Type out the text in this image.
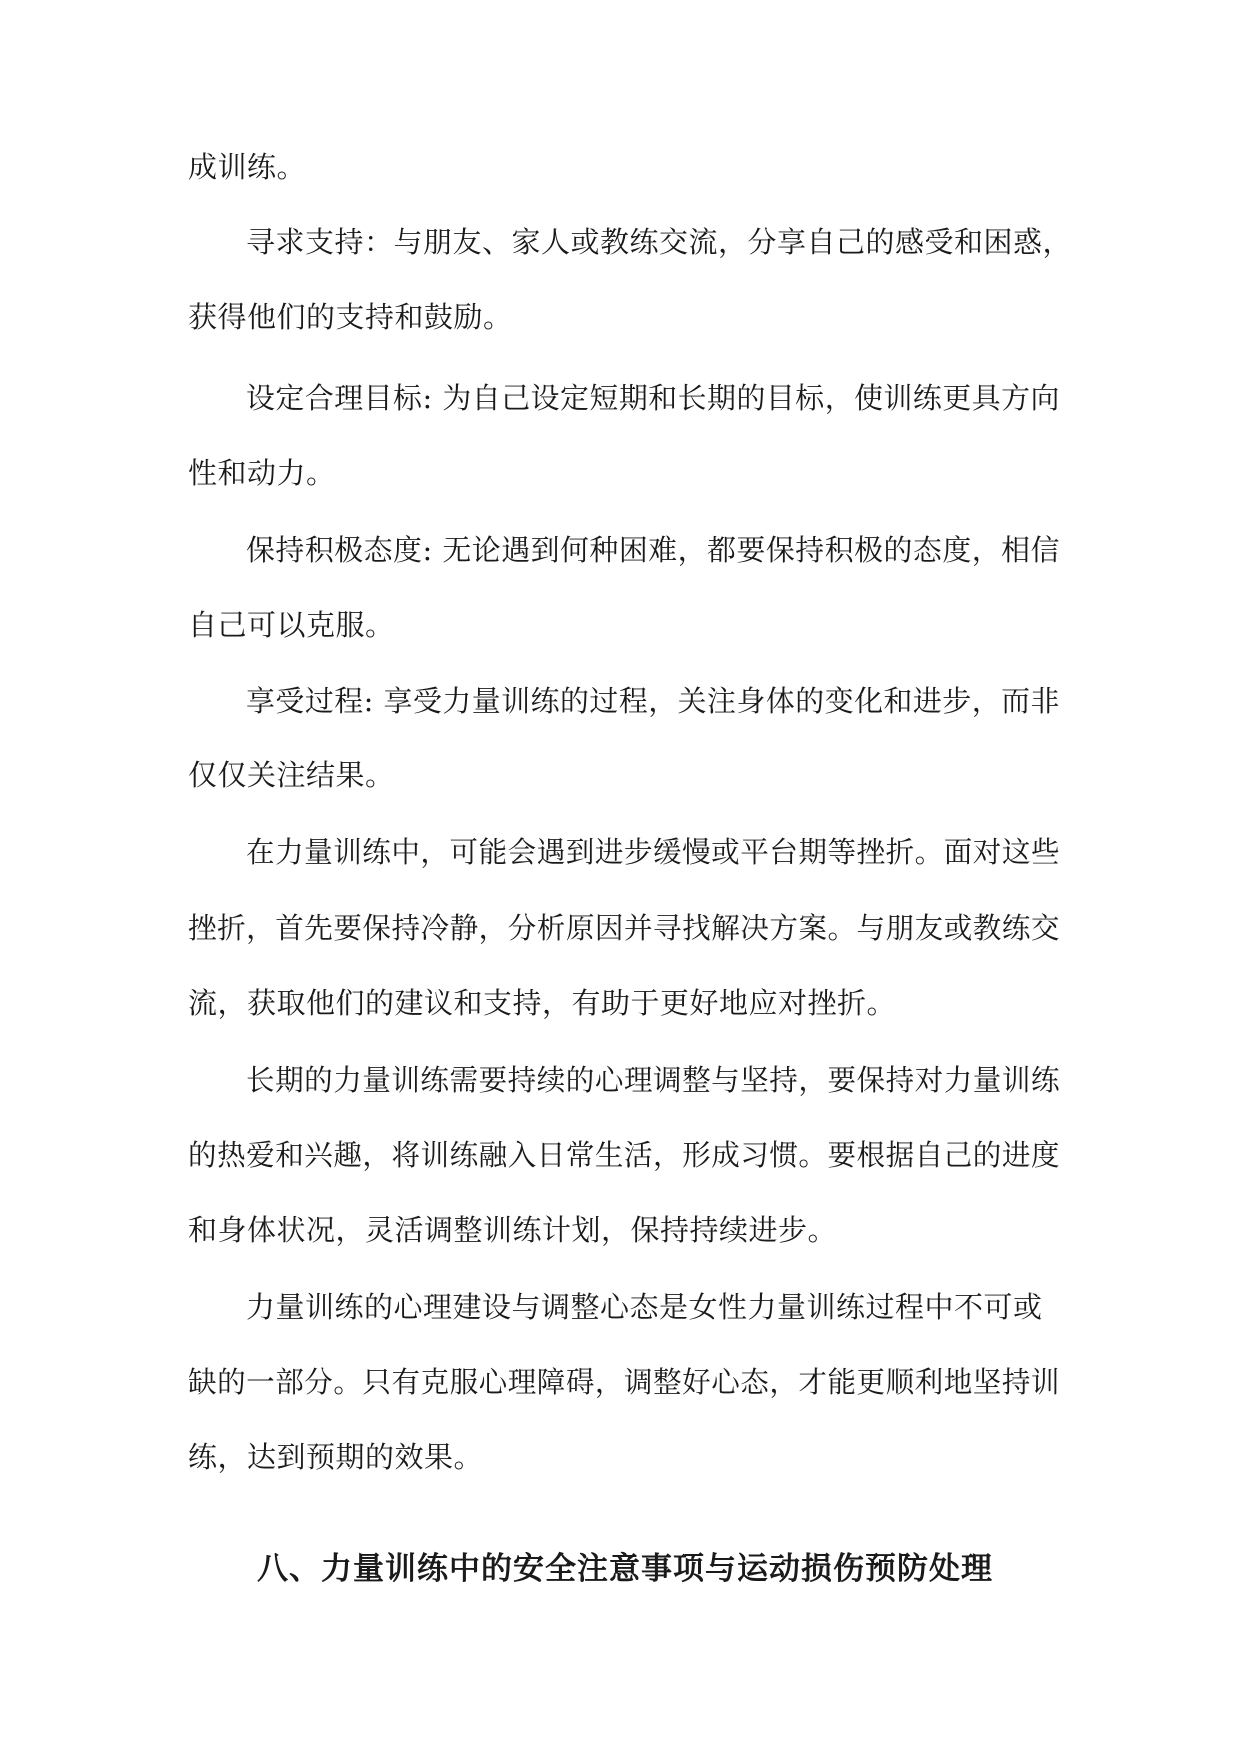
成训练。
寻求支持：与朋友、家人或教练交流，分享自己的感受和困惑，
获得他们的支持和鼓励。
设定合理目标: 为自己设定短期和长期的目标，使训练更具方向
性和动力。
保持积极态度: 无论遇到何种困难，都要保持积极的态度，相信
自己可以克服。
享受过程: 享受力量训练的过程，关注身体的变化和进步，而非
仅仅关注结果。
在力量训练中，可能会遇到进步缓慢或平台期等挫折。面对这些
挫折，首先要保持冷静，分析原因并寻找解决方案。与朋友或教练交
流，获取他们的建议和支持，有助于更好地应对挫折。
长期的力量训练需要持续的心理调整与坚持，要保持对力量训练
的热爱和兴趣，将训练融入日常生活，形成习惯。要根据自己的进度
和身体状况，灵活调整训练计划，保持持续进步。
力量训练的心理建设与调整心态是女性力量训练过程中不可或
缺的一部分。只有克服心理障碍，调整好心态，才能更顺利地坚持训
练，达到预期的效果。
八、力量训练中的安全注意事项与运动损伤预防处理
